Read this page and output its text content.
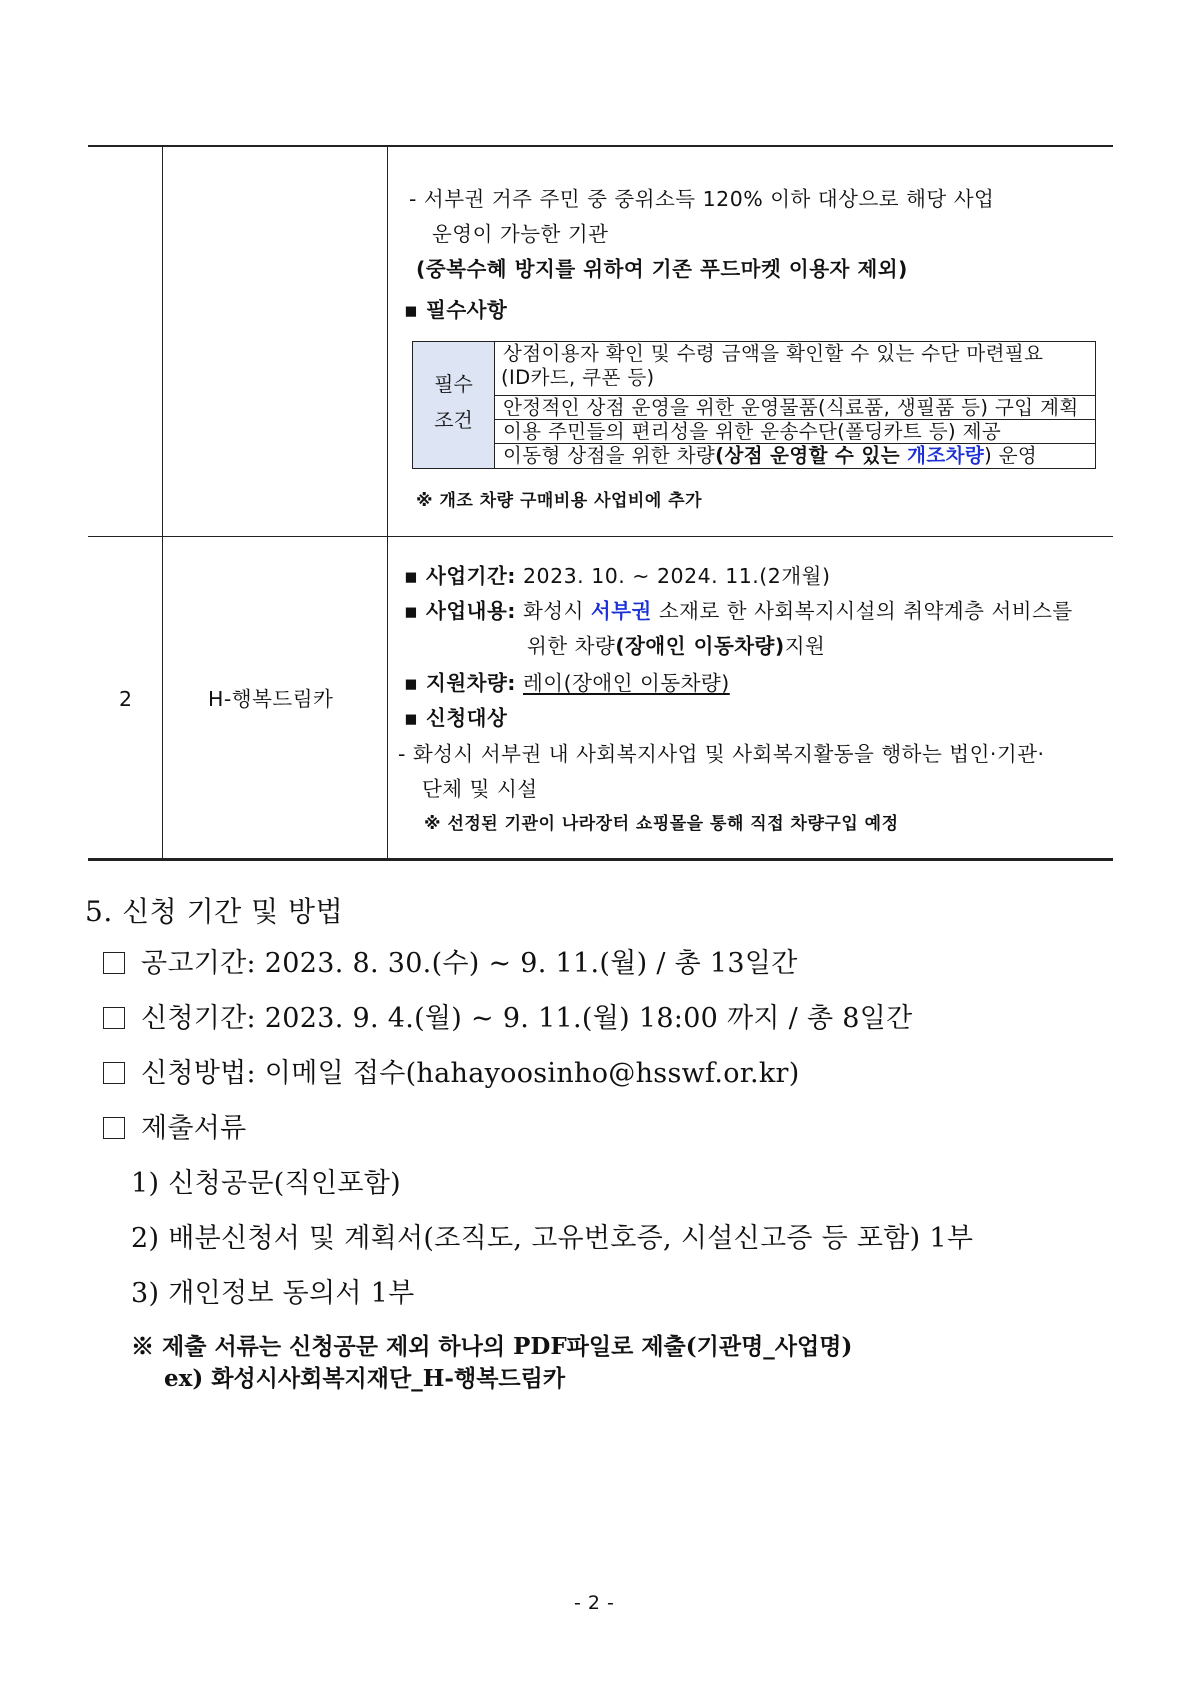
- 서부권 거주 주민 중 중위소득 120% 이하 대상으로 해당 사업
운영이 가능한 기관
(중복수혜 방지를 위하여 기존 푸드마켓 이용자 제외)
▪ 필수사항
필수
조건
상점이용자 확인 및 수령 금액을 확인할 수 있는 수단 마련필요
(ID카드, 쿠폰 등)
안정적인 상점 운영을 위한 운영물품(식료품, 생필품 등) 구입 계획
이용 주민들의 편리성을 위한 운송수단(폴딩카트 등) 제공
이동형 상점을 위한 차량(상점 운영할 수 있는 개조차량) 운영
※ 개조 차량 구매비용 사업비에 추가
2	H-행복드림카
▪ 사업기간: 2023. 10. ~ 2024. 11.(2개월)
▪ 사업내용: 화성시 서부권 소재로 한 사회복지시설의 취약계층 서비스를
위한 차량(장애인 이동차량)지원
▪ 지원차량: 레이(장애인 이동차량)
▪ 신청대상
- 화성시 서부권 내 사회복지사업 및 사회복지활동을 행하는 법인·기관·
단체 및 시설
※ 선정된 기관이 나라장터 쇼핑몰을 통해 직접 차량구입 예정
5. 신청 기간 및 방법
공고기간: 2023. 8. 30.(수) ~ 9. 11.(월) / 총 13일간
신청기간: 2023. 9. 4.(월) ~ 9. 11.(월) 18:00 까지 / 총 8일간
신청방법: 이메일 접수(hahayoosinho@hsswf.or.kr)
제출서류
1) 신청공문(직인포함)
2) 배분신청서 및 계획서(조직도, 고유번호증, 시설신고증 등 포함) 1부
3) 개인정보 동의서 1부
※ 제출 서류는 신청공문 제외 하나의 PDF파일로 제출(기관명_사업명)
ex) 화성시사회복지재단_H-행복드림카
- 2 -
